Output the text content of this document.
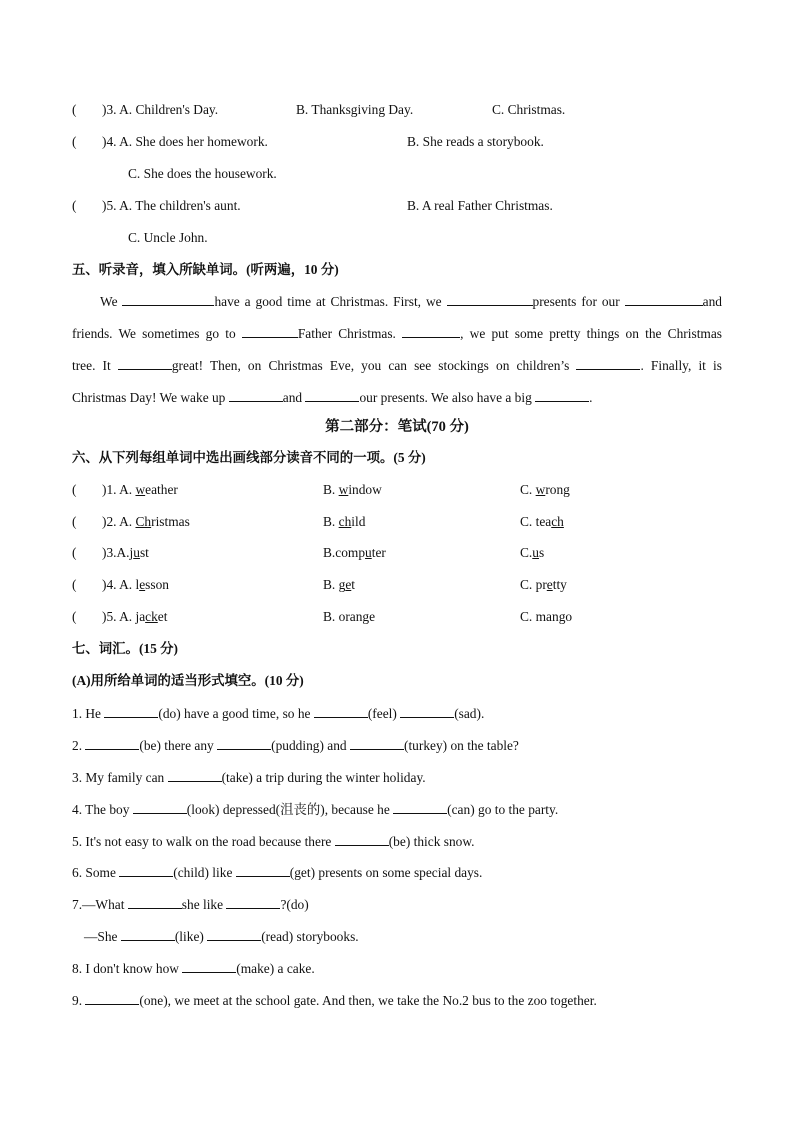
( )3. A. Children's Day.	B. Thanksgiving Day.	C. Christmas.
( )4. A. She does her homework.	B. She reads a storybook.
C. She does the housework.
( )5. A. The children's aunt.	B. A real Father Christmas.
C. Uncle John.
五、听录音，填入所缺单词。(听两遍，10 分)
We	have a good time at Christmas. First, we	presents for our	and
friends. We sometimes go to	Father Christmas.	, we put some pretty things on the Christmas
tree. It	great! Then, on Christmas Eve, you can see stockings on children’s	. Finally, it is
Christmas Day! We wake up	and	our presents. We also have a big	.
第二部分：笔试(70 分)
六、从下列每组单词中选出画线部分读音不同的一项。(5 分)
( )1. A. weather	B. window	C. wrong
( )2. A. Christmas	B. child	C. teach
( )3.A.just	B.computer	C.us
( )4. A. lesson	B. get	C. pretty
( )5. A. jacket	B. orange	C. mango
七、词汇。(15 分)
(A)用所给单词的适当形式填空。(10 分)
1. He	(do) have a good time, so he	(feel)	(sad).
2.	(be) there any	(pudding) and	(turkey) on the table?
3. My family can	(take) a trip during the winter holiday.
4. The boy	(look) depressed(沮丧的), because he	(can) go to the party.
5. It's not easy to walk on the road because there	(be) thick snow.
6. Some	(child) like	(get) presents on some special days.
7.—What	she like	?(do)
—She	(like)	(read) storybooks.
8. I don't know how	(make) a cake.
9.	(one), we meet at the school gate. And then, we take the No.2 bus to the zoo together.
